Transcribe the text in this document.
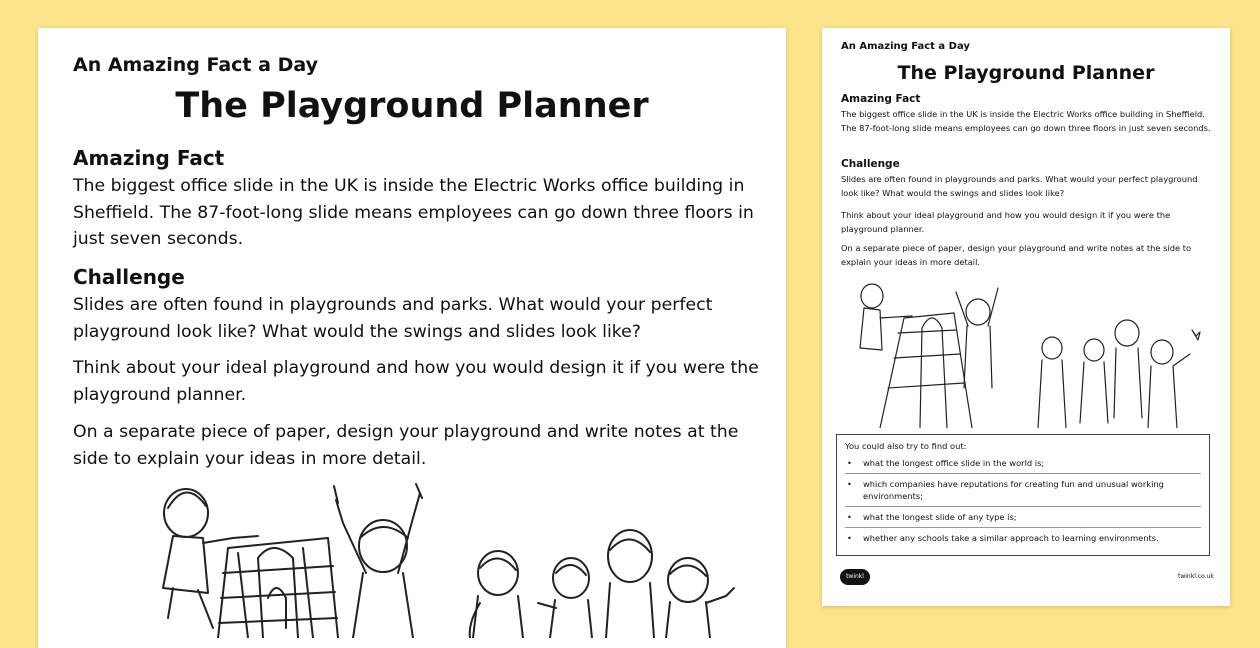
An Amazing Fact a Day
The Playground Planner
Amazing Fact
The biggest office slide in the UK is inside the Electric Works office building in Sheffield. The 87-foot-long slide means employees can go down three floors in just seven seconds.
Challenge
Slides are often found in playgrounds and parks. What would your perfect playground look like? What would the swings and slides look like?
Think about your ideal playground and how you would design it if you were the playground planner.
On a separate piece of paper, design your playground and write notes at the side to explain your ideas in more detail.
An Amazing Fact a Day
The Playground Planner
Amazing Fact
The biggest office slide in the UK is inside the Electric Works office building in Sheffield. The 87-foot-long slide means employees can go down three floors in just seven seconds.
Challenge
Slides are often found in playgrounds and parks. What would your perfect playground look like? What would the swings and slides look like?
Think about your ideal playground and how you would design it if you were the playground planner.
On a separate piece of paper, design your playground and write notes at the side to explain your ideas in more detail.
You could also try to find out:
• what the longest office slide in the world is;
• which companies have reputations for creating fun and unusual working environments;
• what the longest slide of any type is;
• whether any schools take a similar approach to learning environments.
twinkl	twinkl.co.uk
